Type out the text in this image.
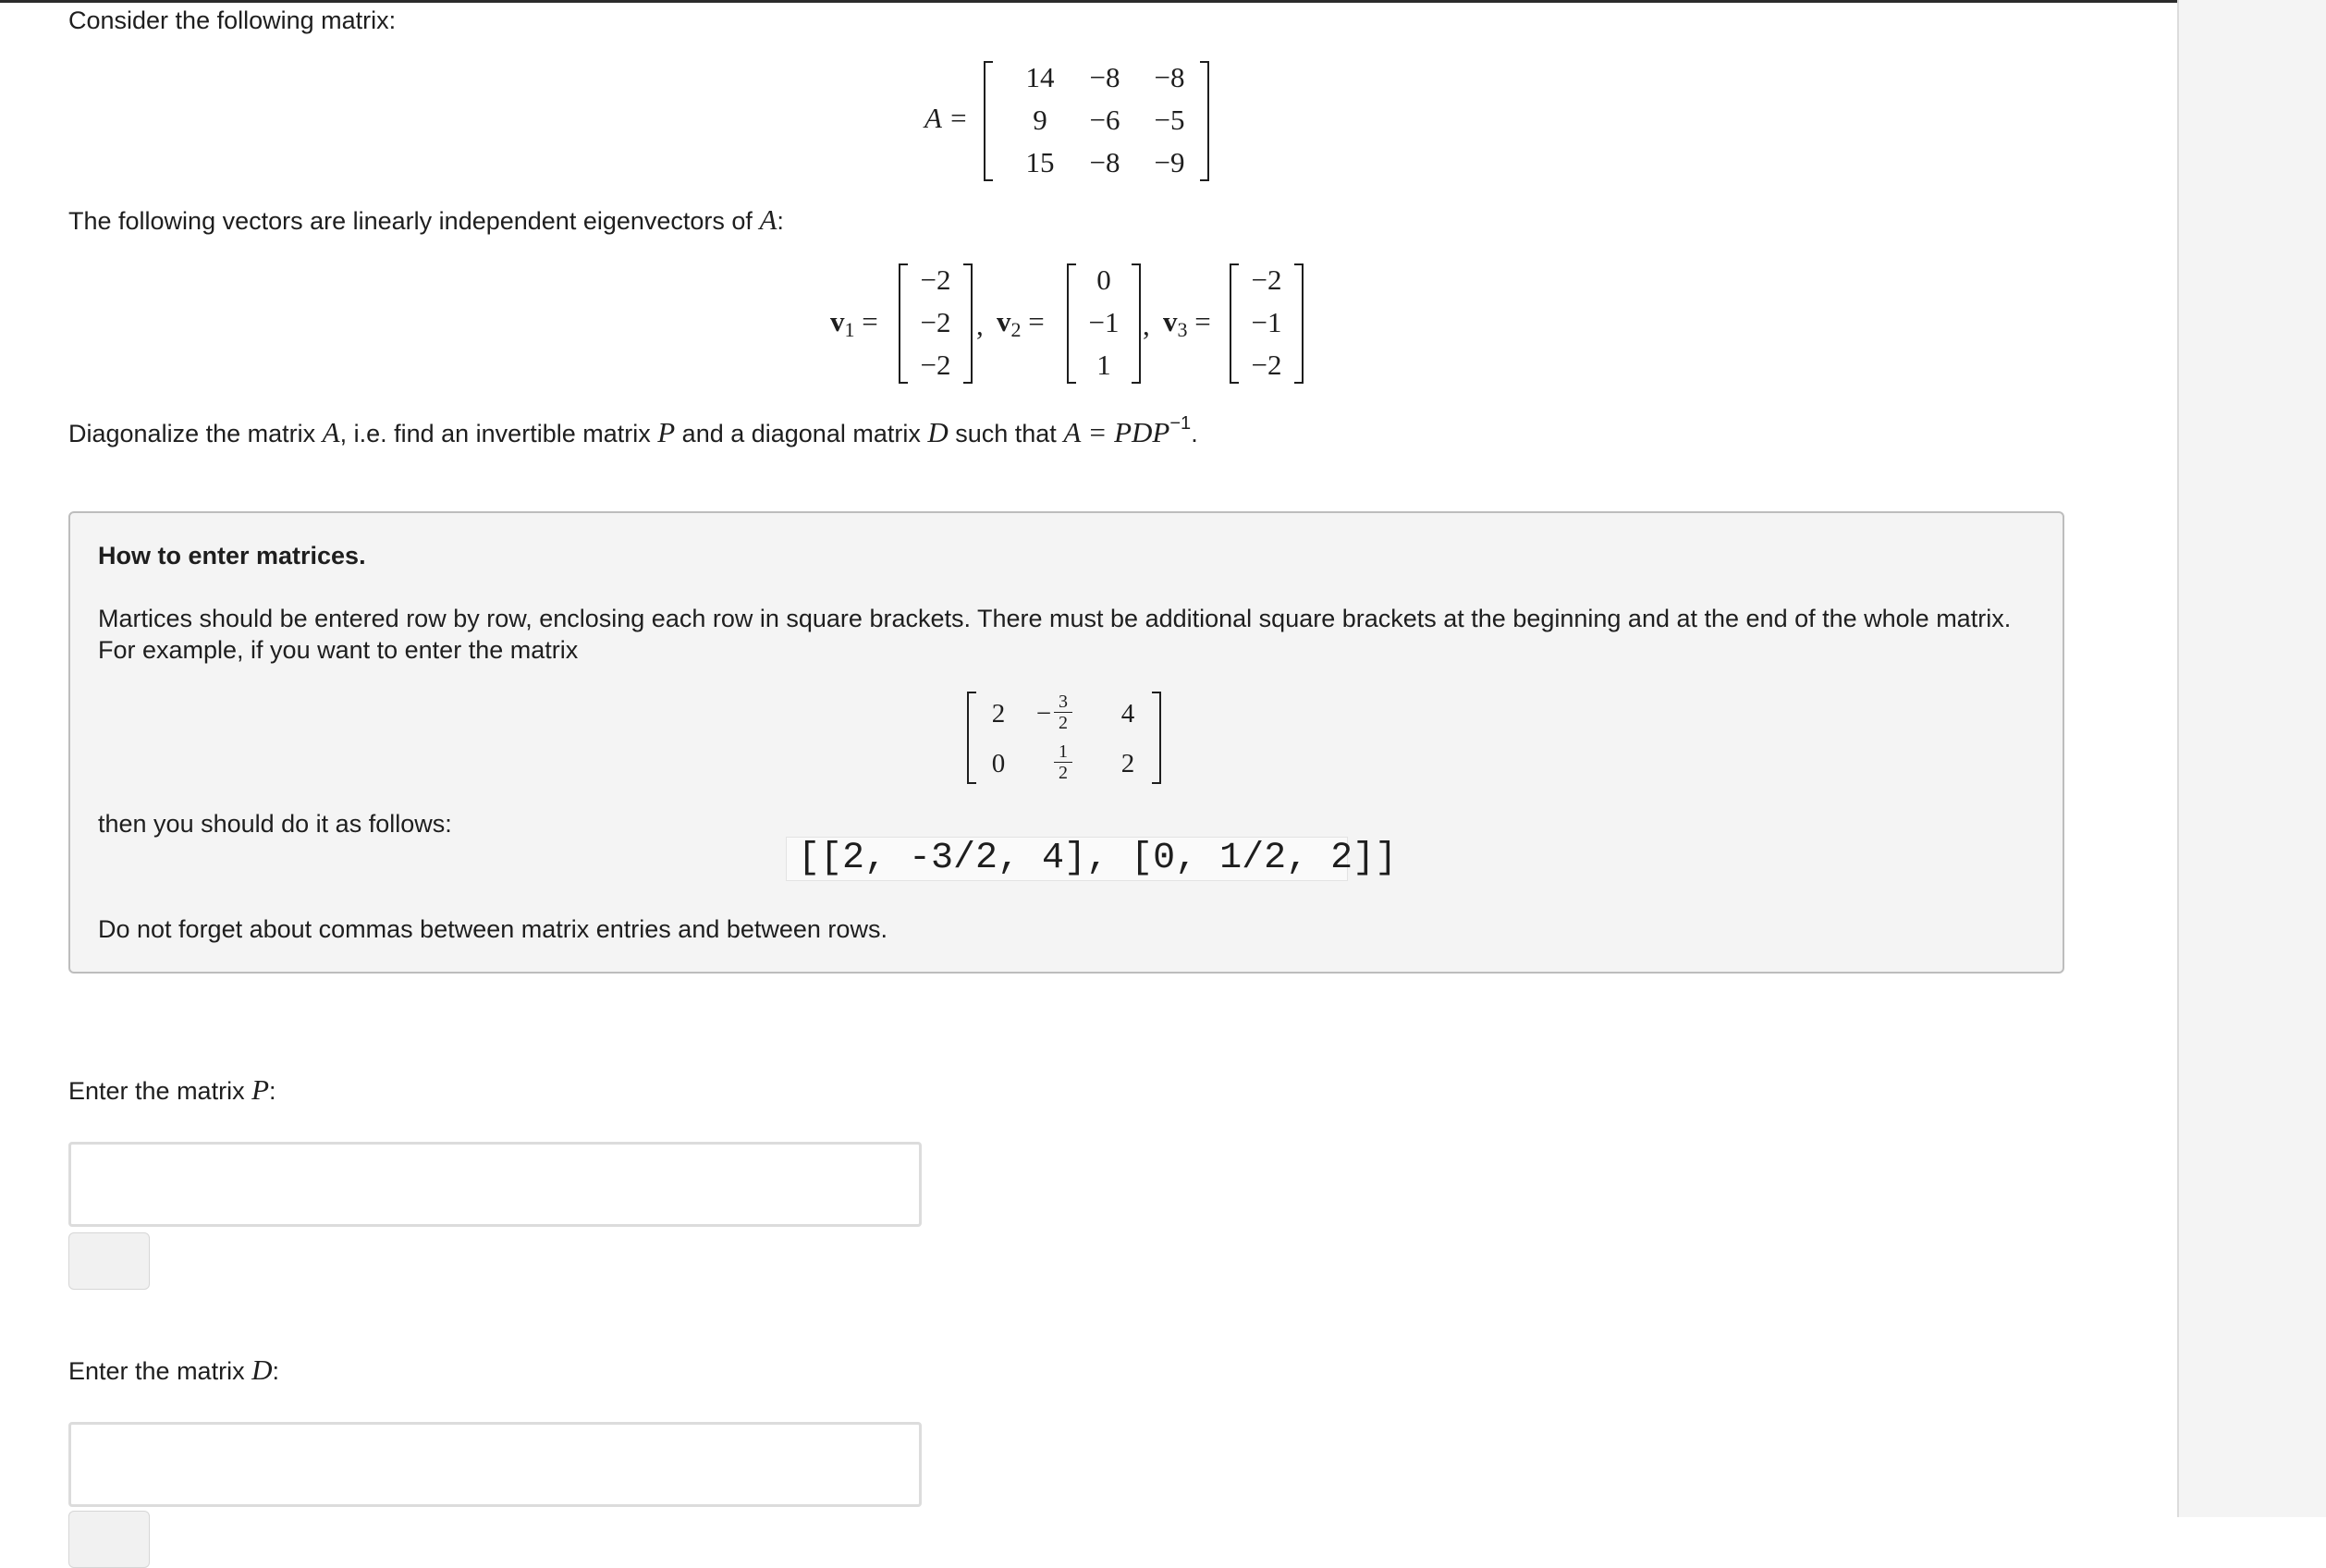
Consider the following matrix:
A =
14	−8	−8
9	−6	−5
15	−8	−9
The following vectors are linearly independent eigenvectors of A:
v1 =
−2
−2
−2
, v2 =
0
−1
1
, v3 =
−2
−1
−2
Diagonalize the matrix A, i.e. find an invertible matrix P and a diagonal matrix D such that $A = PDP^{-1}$.
How to enter matrices.
Martices should be entered row by row, enclosing each row in square brackets. There must be additional square brackets at the beginning and at the end of the whole matrix.
For example, if you want to enter the matrix
2	− $\frac{3}{2}$	4
0	$\frac{1}{2}$	2
then you should do it as follows:
[[2, -3/2, 4], [0, 1/2, 2]]
Do not forget about commas between matrix entries and between rows.
Enter the matrix P:
Enter the matrix D:
